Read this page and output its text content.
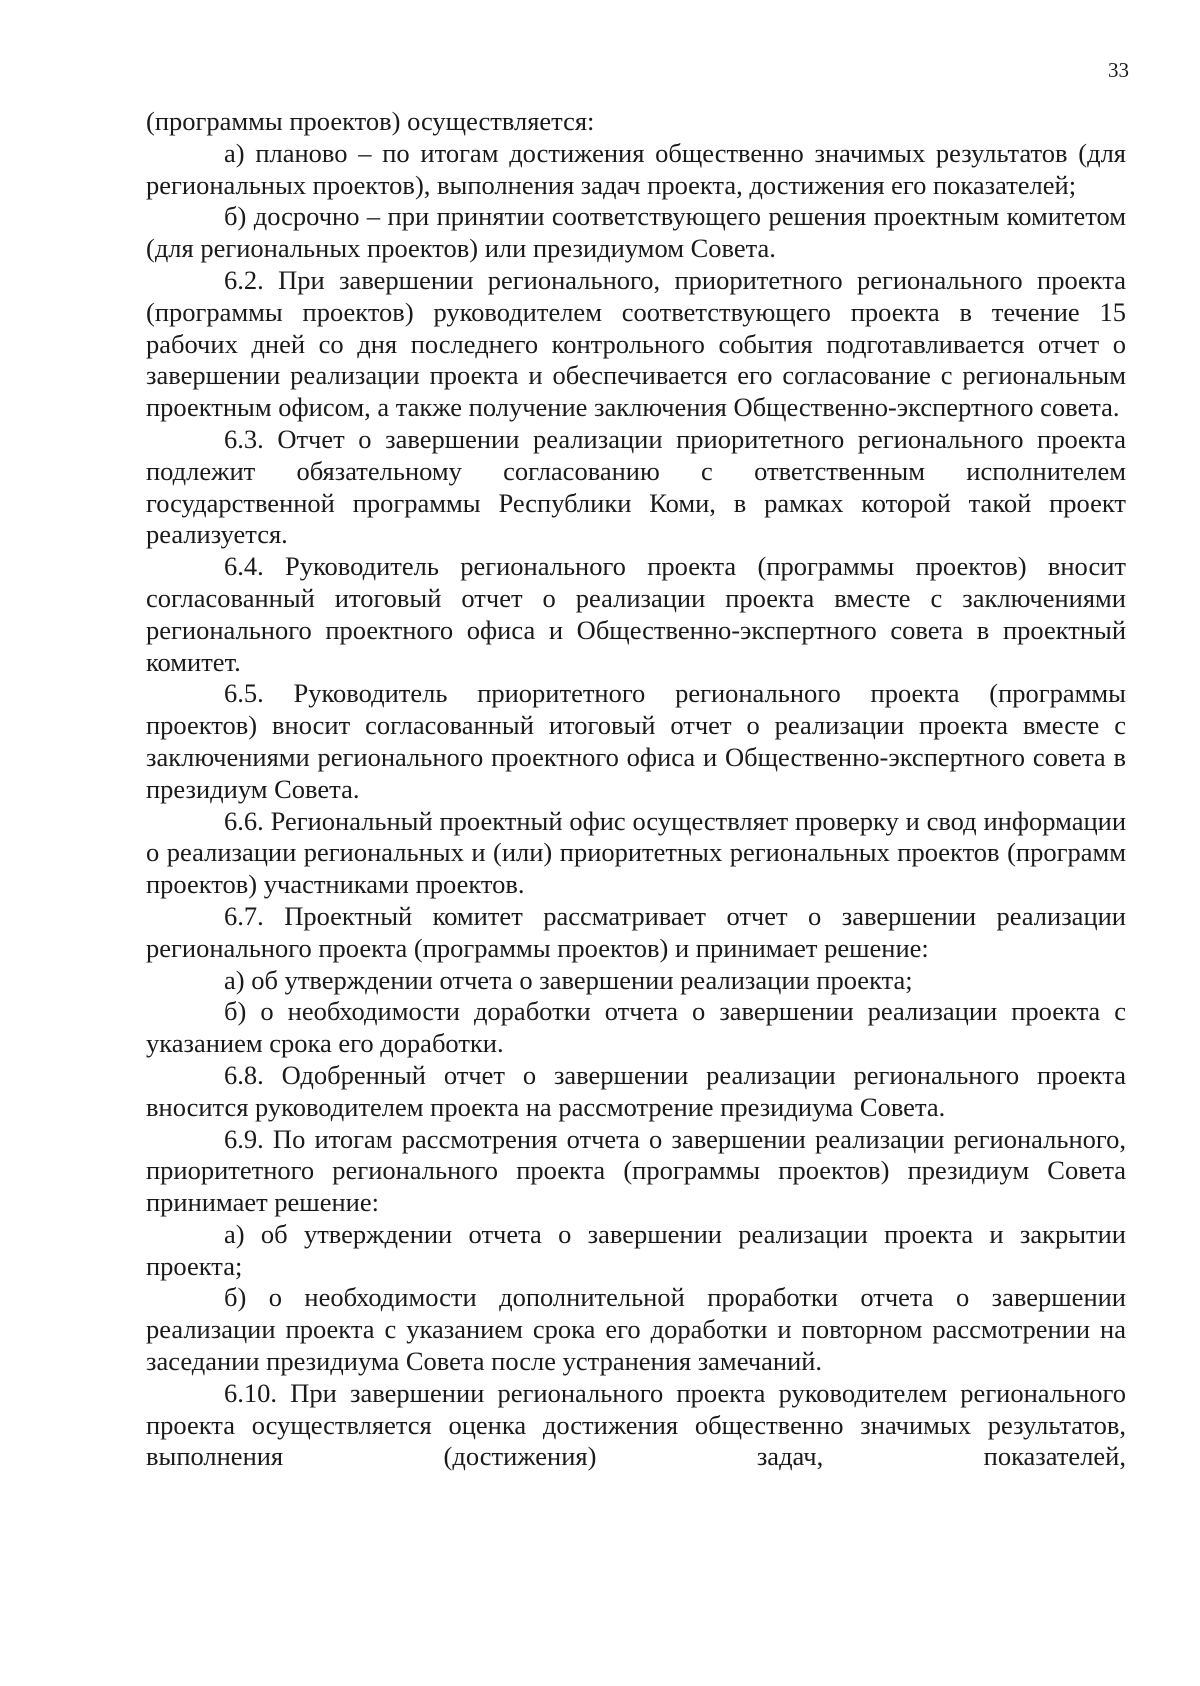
33

(программы проектов) осуществляется:

а) планово – по итогам достижения общественно значимых результатов (для региональных проектов), выполнения задач проекта, достижения его показателей;

б) досрочно – при принятии соответствующего решения проектным комитетом (для региональных проектов) или президиумом Совета.

6.2. При завершении регионального, приоритетного регионального проекта (программы проектов) руководителем соответствующего проекта в течение 15 рабочих дней со дня последнего контрольного события подготавливается отчет о завершении реализации проекта и обеспечивается его согласование с региональным проектным офисом, а также получение заключения Общественно-экспертного совета.

6.3. Отчет о завершении реализации приоритетного регионального проекта подлежит обязательному согласованию с ответственным исполнителем государственной программы Республики Коми, в рамках которой такой проект реализуется.

6.4. Руководитель регионального проекта (программы проектов) вносит согласованный итоговый отчет о реализации проекта вместе с заключениями регионального проектного офиса и Общественно-экспертного совета в проектный комитет.

6.5. Руководитель приоритетного регионального проекта (программы проектов) вносит согласованный итоговый отчет о реализации проекта вместе с заключениями регионального проектного офиса и Общественно-экспертного совета в президиум Совета.

6.6. Региональный проектный офис осуществляет проверку и свод информации о реализации региональных и (или) приоритетных региональных проектов (программ проектов) участниками проектов.

6.7. Проектный комитет рассматривает отчет о завершении реализации регионального проекта (программы проектов) и принимает решение:

а) об утверждении отчета о завершении реализации проекта;

б) о необходимости доработки отчета о завершении реализации проекта с указанием срока его доработки.

6.8. Одобренный отчет о завершении реализации регионального проекта вносится руководителем проекта на рассмотрение президиума Совета.

6.9. По итогам рассмотрения отчета о завершении реализации регионального, приоритетного регионального проекта (программы проектов) президиум Совета принимает решение:

а) об утверждении отчета о завершении реализации проекта и закрытии проекта;

б) о необходимости дополнительной проработки отчета о завершении реализации проекта с указанием срока его доработки и повторном рассмотрении на заседании президиума Совета после устранения замечаний.

6.10. При завершении регионального проекта руководителем регионального проекта осуществляется оценка достижения общественно значимых результатов, выполнения (достижения) задач, показателей,
